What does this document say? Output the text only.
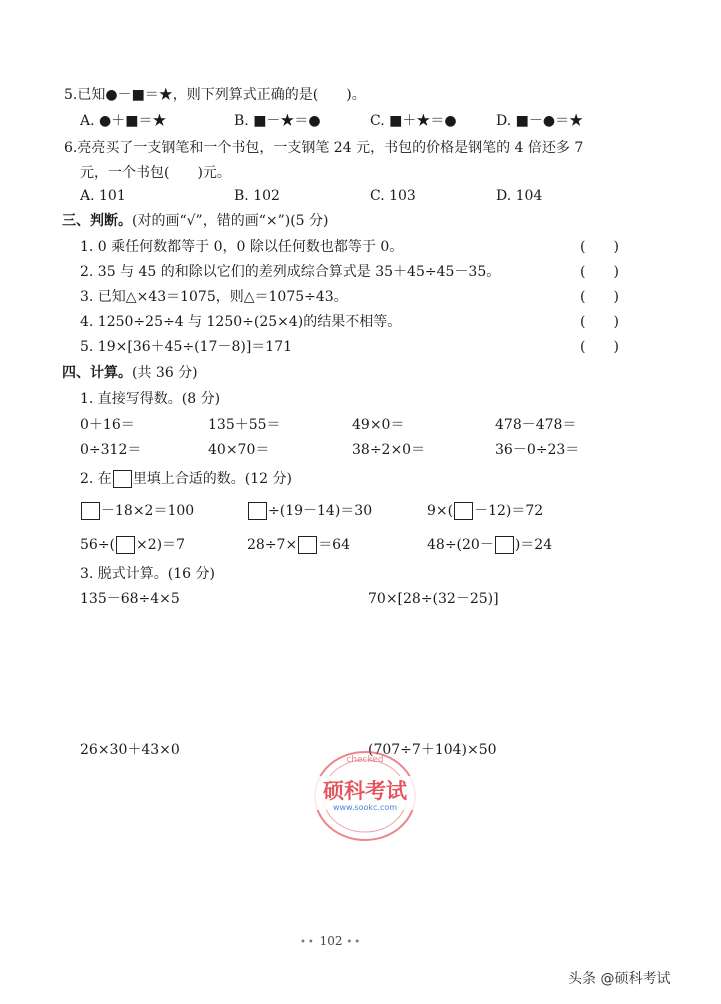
5.已知●－■＝★，则下列算式正确的是(　　)。
A. ●＋■＝★	B. ■－★＝●	C. ■＋★＝●	D. ■－●＝★
6.亮亮买了一支钢笔和一个书包，一支钢笔 24 元，书包的价格是钢笔的 4 倍还多 7
元，一个书包(　　)元。
A. 101	B. 102	C. 103	D. 104
三、判断。(对的画“√”，错的画“×”)(5 分)
1. 0 乘任何数都等于 0，0 除以任何数也都等于 0。	(　　)
2. 35 与 45 的和除以它们的差列成综合算式是 35＋45÷45－35。	(　　)
3. 已知△×43＝1075，则△＝1075÷43。	(　　)
4. 1250÷25÷4 与 1250÷(25×4)的结果不相等。	(　　)
5. 19×[36＋45÷(17－8)]＝171	(　　)
四、计算。(共 36 分)
1. 直接写得数。(8 分)
0＋16＝	135＋55＝	49×0＝	478－478＝
0÷312＝	40×70＝	38÷2×0＝	36－0÷23＝
2. 在 里填上合适的数。(12 分)
－18×2＝100	÷(19－14)＝30	9×( －12)＝72
56÷( ×2)＝7	28÷7× ＝64	48÷(20－ )＝24
3. 脱式计算。(16 分)
135－68÷4×5	70×[28÷(32－25)]
26×30＋43×0	(707÷7＋104)×50
checked
硕科考试
www.sookc.com
•• 102 ••
头条 @硕科考试
